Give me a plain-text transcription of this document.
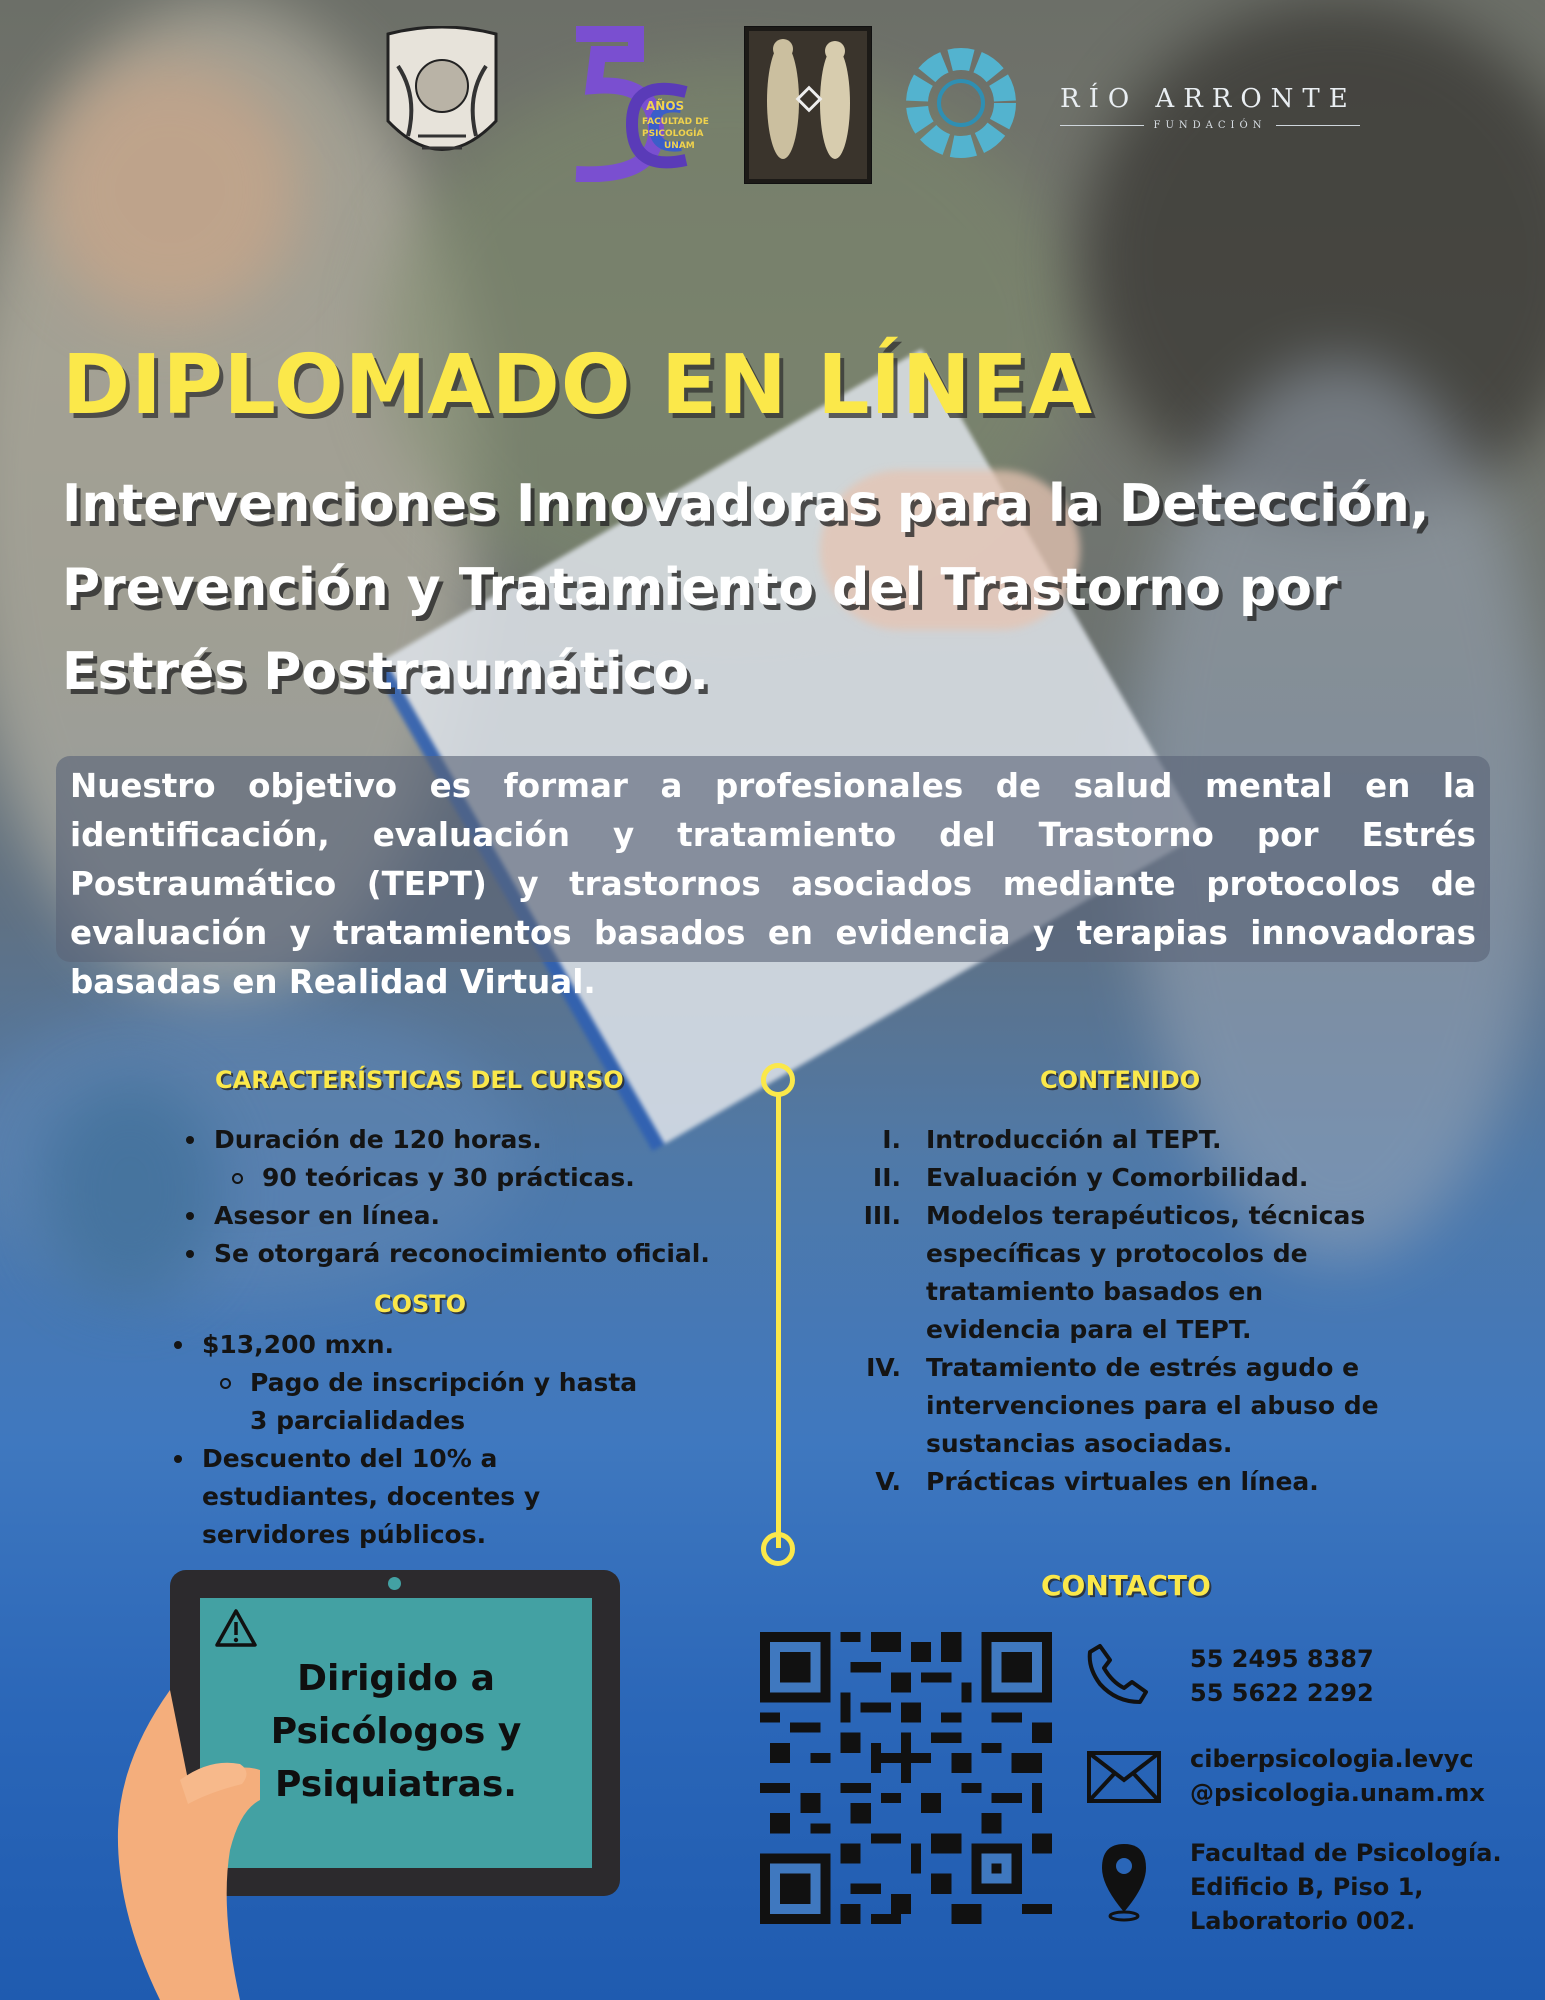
AÑOS
FACULTAD DE
PSICOLOGÍA
UNAM
RÍO ARRONTE
FUNDACIÓN
DIPLOMADO EN LÍNEA
Intervenciones Innovadoras para la Detección,
Prevención y Tratamiento del Trastorno por
Estrés Postraumático.

Nuestro objetivo es formar a profesionales de salud mental en la identificación, evaluación y tratamiento del Trastorno por Estrés Postraumático (TEPT) y trastornos asociados mediante protocolos de evaluación y tratamientos basados en evidencia y terapias innovadoras basadas en Realidad Virtual.

CARACTERÍSTICAS DEL CURSO
Duración de 120 horas.
90 teóricas y 30 prácticas.
Asesor en línea.
Se otorgará reconocimiento oficial.
COSTO
$13,200 mxn.
Pago de inscripción y hasta 3 parcialidades
Descuento del 10% a estudiantes, docentes y servidores públicos.
CONTENIDO
I. Introducción al TEPT.
II. Evaluación y Comorbilidad.
III. Modelos terapéuticos, técnicas específicas y protocolos de tratamiento basados en evidencia para el TEPT.
IV. Tratamiento de estrés agudo e intervenciones para el abuso de sustancias asociadas.
V. Prácticas virtuales en línea.
Dirigido a
Psicólogos y
Psiquiatras.
CONTACTO
55 2495 8387
55 5622 2292
ciberpsicologia.levyc
@psicologia.unam.mx
Facultad de Psicología.
Edificio B, Piso 1,
Laboratorio 002.
